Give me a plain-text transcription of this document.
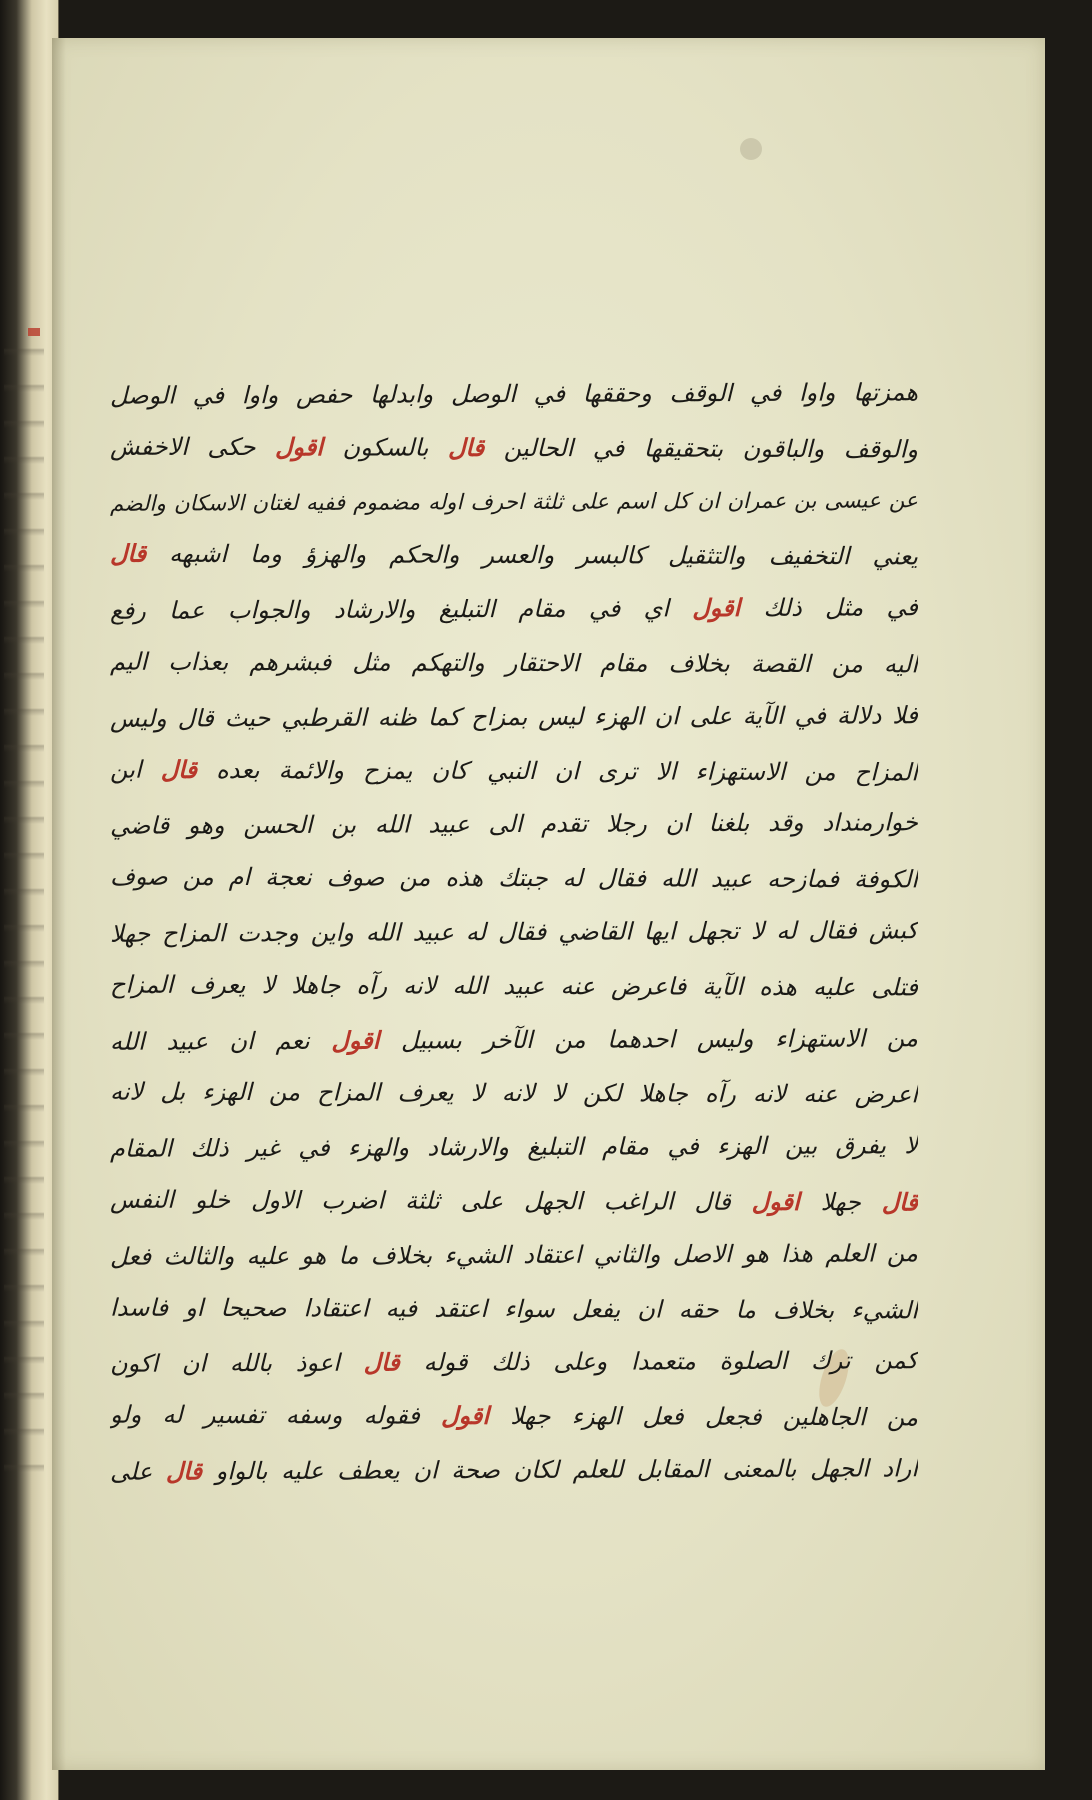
همزتها واوا في الوقف وحققها في الوصل وابدلها حفص واوا في الوصل
والوقف والباقون بتحقيقها في الحالين قال بالسكون اقول حكى الاخفش
عن عيسى بن عمران ان كل اسم على ثلثة احرف اوله مضموم ففيه لغتان الاسكان والضم
يعني التخفيف والتثقيل كالبسر والعسر والحكم والهزؤ وما اشبهه قال
في مثل ذلك اقول اي في مقام التبليغ والارشاد والجواب عما رفع
اليه من القصة بخلاف مقام الاحتقار والتهكم مثل فبشرهم بعذاب اليم
فلا دلالة في الآية على ان الهزء ليس بمزاح كما ظنه القرطبي حيث قال وليس
المزاح من الاستهزاء الا ترى ان النبي كان يمزح والائمة بعده قال ابن
خوارمنداد وقد بلغنا ان رجلا تقدم الى عبيد الله بن الحسن وهو قاضي
الكوفة فمازحه عبيد الله فقال له جبتك هذه من صوف نعجة ام من صوف
كبش فقال له لا تجهل ايها القاضي فقال له عبيد الله واين وجدت المزاح جهلا
فتلى عليه هذه الآية فاعرض عنه عبيد الله لانه رآه جاهلا لا يعرف المزاح
من الاستهزاء وليس احدهما من الآخر بسبيل اقول نعم ان عبيد الله
اعرض عنه لانه رآه جاهلا لكن لا لانه لا يعرف المزاح من الهزء بل لانه
لا يفرق بين الهزء في مقام التبليغ والارشاد والهزء في غير ذلك المقام
قال جهلا اقول قال الراغب الجهل على ثلثة اضرب الاول خلو النفس
من العلم هذا هو الاصل والثاني اعتقاد الشيء بخلاف ما هو عليه والثالث فعل
الشيء بخلاف ما حقه ان يفعل سواء اعتقد فيه اعتقادا صحيحا او فاسدا
كمن ترك الصلوة متعمدا وعلى ذلك قوله قال اعوذ بالله ان اكون
من الجاهلين فجعل فعل الهزء جهلا اقول فقوله وسفه تفسير له ولو
اراد الجهل بالمعنى المقابل للعلم لكان صحة ان يعطف عليه بالواو قال على
